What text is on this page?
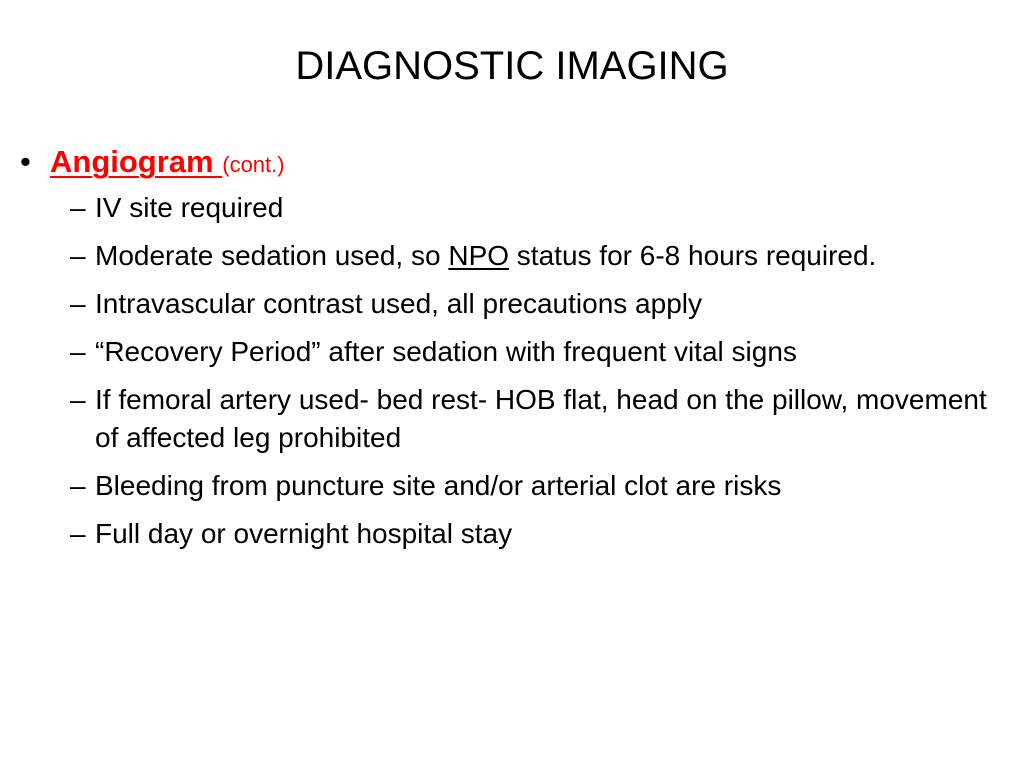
DIAGNOSTIC IMAGING
• Angiogram (cont.)
– IV site required
– Moderate sedation used, so NPO status for 6-8 hours required.
– Intravascular contrast used, all precautions apply
– “Recovery Period” after sedation with frequent vital signs
– If femoral artery used- bed rest- HOB flat, head on the pillow, movement of affected leg prohibited
– Bleeding from puncture site and/or arterial clot are risks
– Full day or overnight hospital stay
